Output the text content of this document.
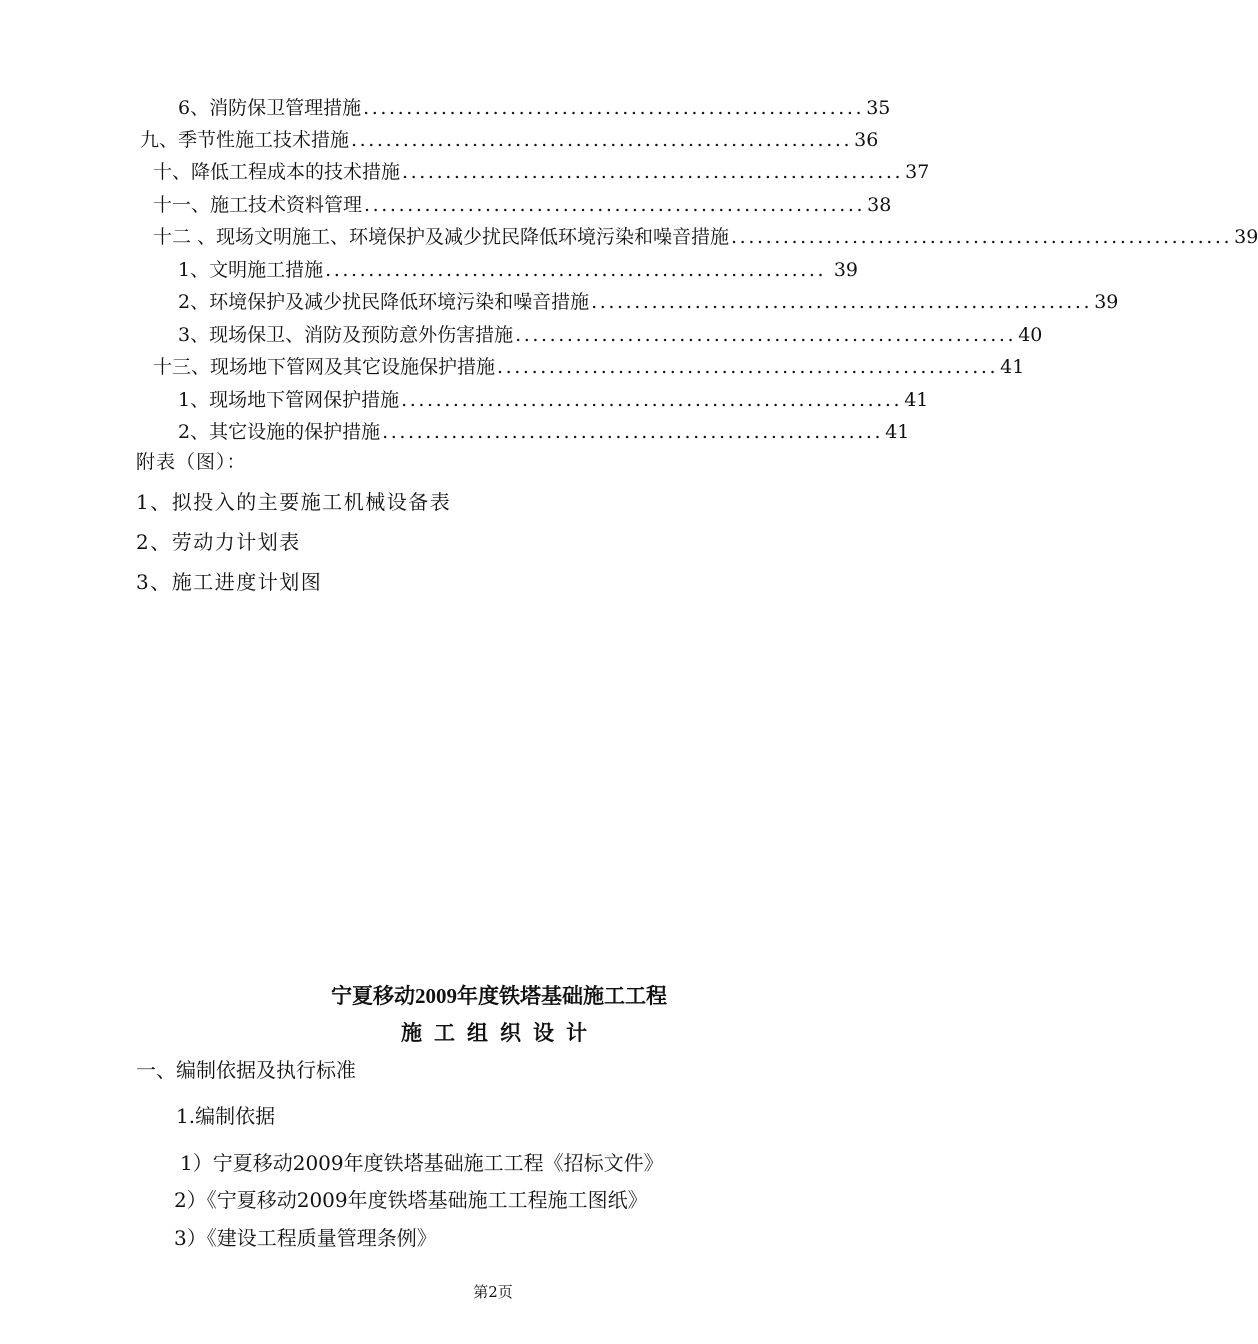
6、消防保卫管理措施 .......................................................... 35
九、季节性施工技术措施 .......................................................... 36
十、降低工程成本的技术措施 .......................................................... 37
十一、施工技术资料管理 .......................................................... 38
十二 、现场文明施工、环境保护及减少扰民降低环境污染和噪音措施 .......................................................... 39
1、文明施工措施 .......................................................... 39
2、环境保护及减少扰民降低环境污染和噪音措施 .......................................................... 39
3、现场保卫、消防及预防意外伤害措施 .......................................................... 40
十三、现场地下管网及其它设施保护措施 .......................................................... 41
1、现场地下管网保护措施 .......................................................... 41
2、其它设施的保护措施 .......................................................... 41
附表（图）：
1、拟投入的主要施工机械设备表
2、劳动力计划表
3、施工进度计划图
宁夏移动2009年度铁塔基础施工工程
施工组织设计
一、编制依据及执行标准
1.编制依据
1）宁夏移动2009年度铁塔基础施工工程《招标文件》
2）《宁夏移动2009年度铁塔基础施工工程施工图纸》
3）《建设工程质量管理条例》
第2页
